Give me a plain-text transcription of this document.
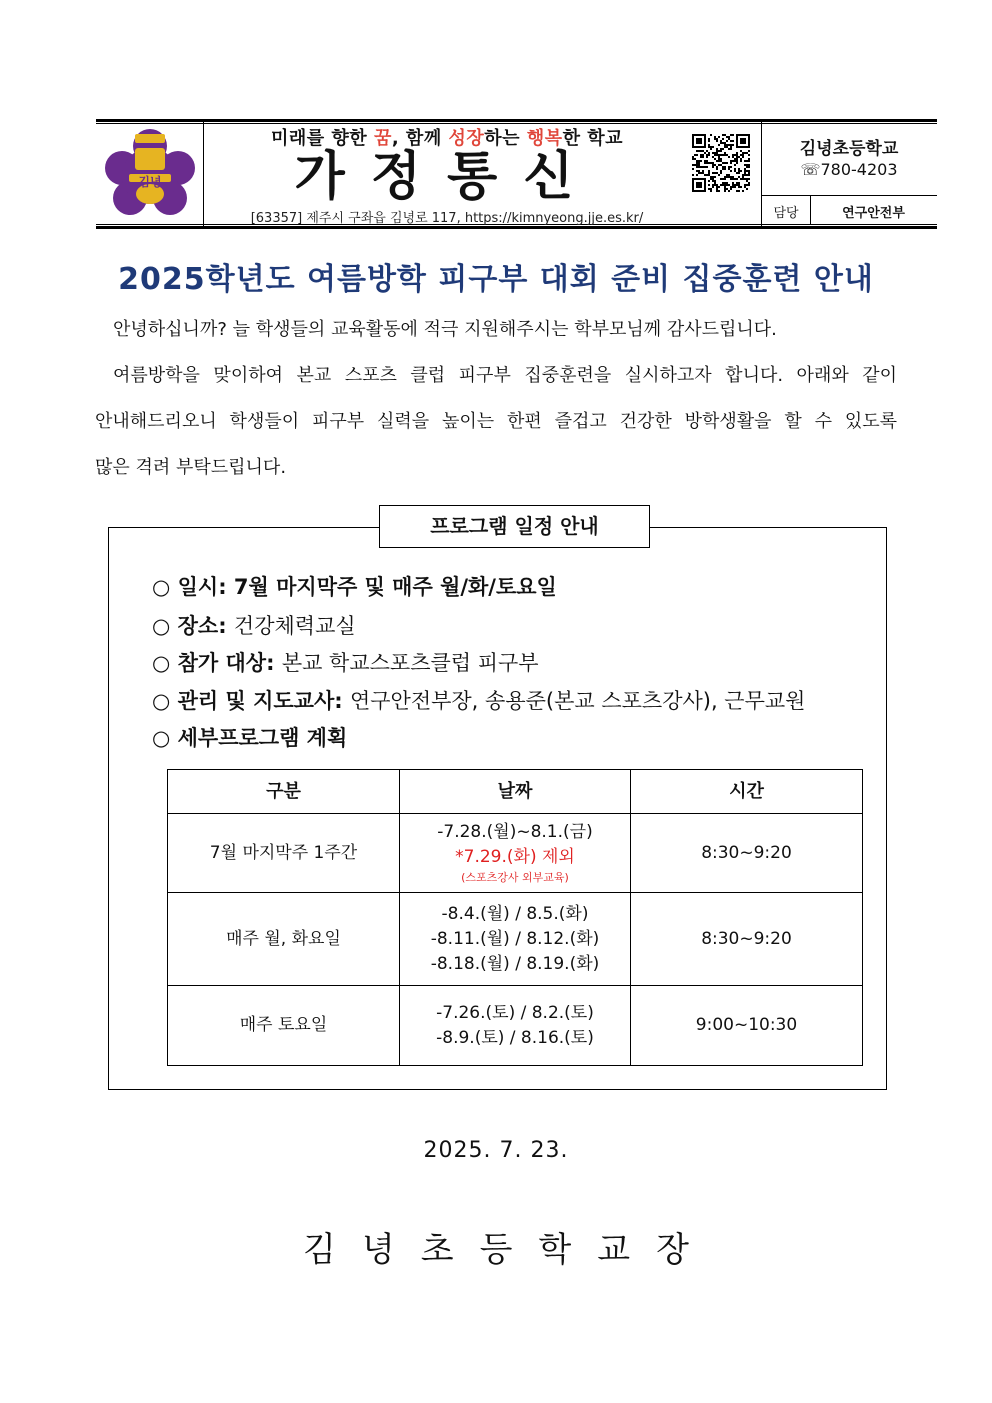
김녕
미래를 향한 꿈, 함께 성장하는 행복한 학교
가정통신
[63357] 제주시 구좌읍 김녕로 117, https://kimnyeong.jje.es.kr/
김녕초등학교
☏780-4203
담당	연구안전부
2025학년도 여름방학 피구부 대회 준비 집중훈련 안내
안녕하십니까? 늘 학생들의 교육활동에 적극 지원해주시는 학부모님께 감사드립니다.
여름방학을 맞이하여 본교 스포츠 클럽 피구부 집중훈련을 실시하고자 합니다. 아래와 같이
안내해드리오니 학생들이 피구부 실력을 높이는 한편 즐겁고 건강한 방학생활을 할 수 있도록
많은 격려 부탁드립니다.
프로그램 일정 안내
○ 일시: 7월 마지막주 및 매주 월/화/토요일
○ 장소: 건강체력교실
○ 참가 대상: 본교 학교스포츠클럽 피구부
○ 관리 및 지도교사: 연구안전부장, 송용준(본교 스포츠강사), 근무교원
○ 세부프로그램 계획
구분	날짜	시간
7월 마지막주 1주간	-7.28.(월)~8.1.(금)
*7.29.(화) 제외
(스포츠강사 외부교육)	8:30~9:20
매주 월, 화요일	-8.4.(월) / 8.5.(화)
-8.11.(월) / 8.12.(화)
-8.18.(월) / 8.19.(화)	8:30~9:20
매주 토요일	-7.26.(토) / 8.2.(토)
-8.9.(토) / 8.16.(토)	9:00~10:30
2025. 7. 23.
김녕초등학교장
